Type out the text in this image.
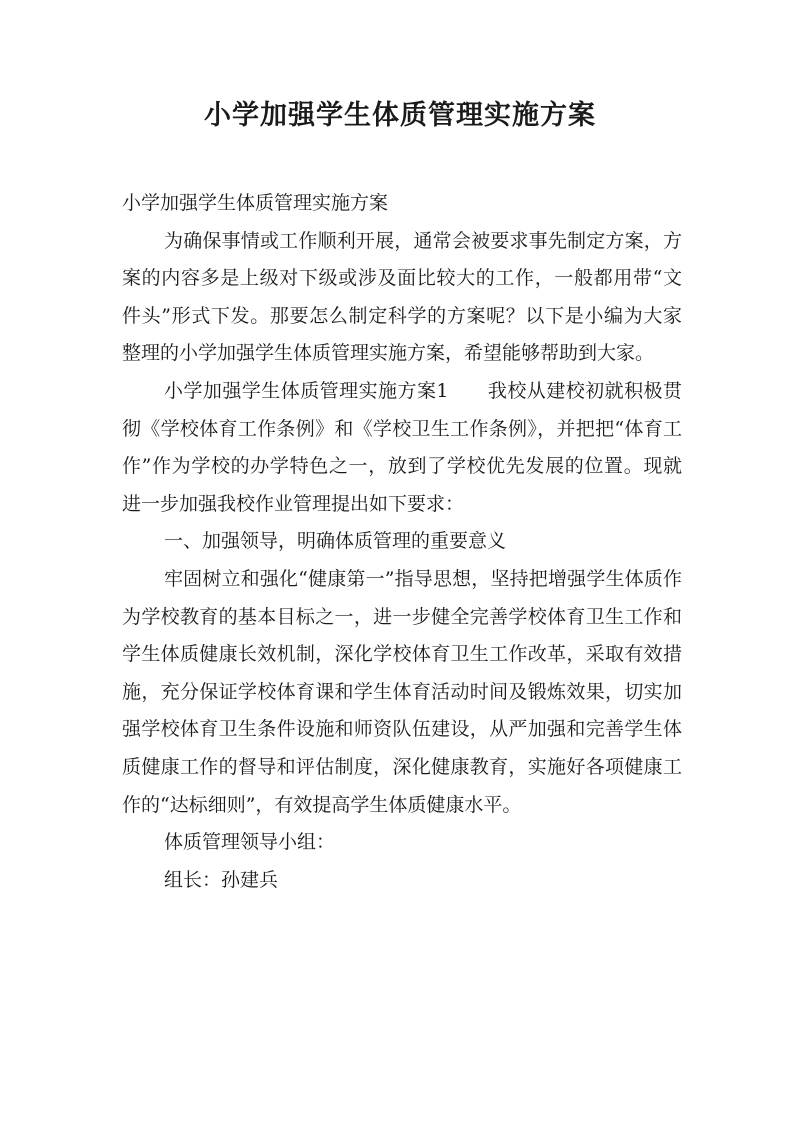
小学加强学生体质管理实施方案

小学加强学生体质管理实施方案

为确保事情或工作顺利开展，通常会被要求事先制定方案，方案的内容多是上级对下级或涉及面比较大的工作，一般都用带“文件头”形式下发。那要怎么制定科学的方案呢？以下是小编为大家整理的小学加强学生体质管理实施方案，希望能够帮助到大家。

小学加强学生体质管理实施方案1　　我校从建校初就积极贯彻《学校体育工作条例》和《学校卫生工作条例》，并把把“体育工作”作为学校的办学特色之一，放到了学校优先发展的位置。现就进一步加强我校作业管理提出如下要求：

一、加强领导，明确体质管理的重要意义

牢固树立和强化“健康第一”指导思想，坚持把增强学生体质作为学校教育的基本目标之一，进一步健全完善学校体育卫生工作和学生体质健康长效机制，深化学校体育卫生工作改革，采取有效措施，充分保证学校体育课和学生体育活动时间及锻炼效果，切实加强学校体育卫生条件设施和师资队伍建设，从严加强和完善学生体质健康工作的督导和评估制度，深化健康教育，实施好各项健康工作的“达标细则”，有效提高学生体质健康水平。

体质管理领导小组：

组长：孙建兵
